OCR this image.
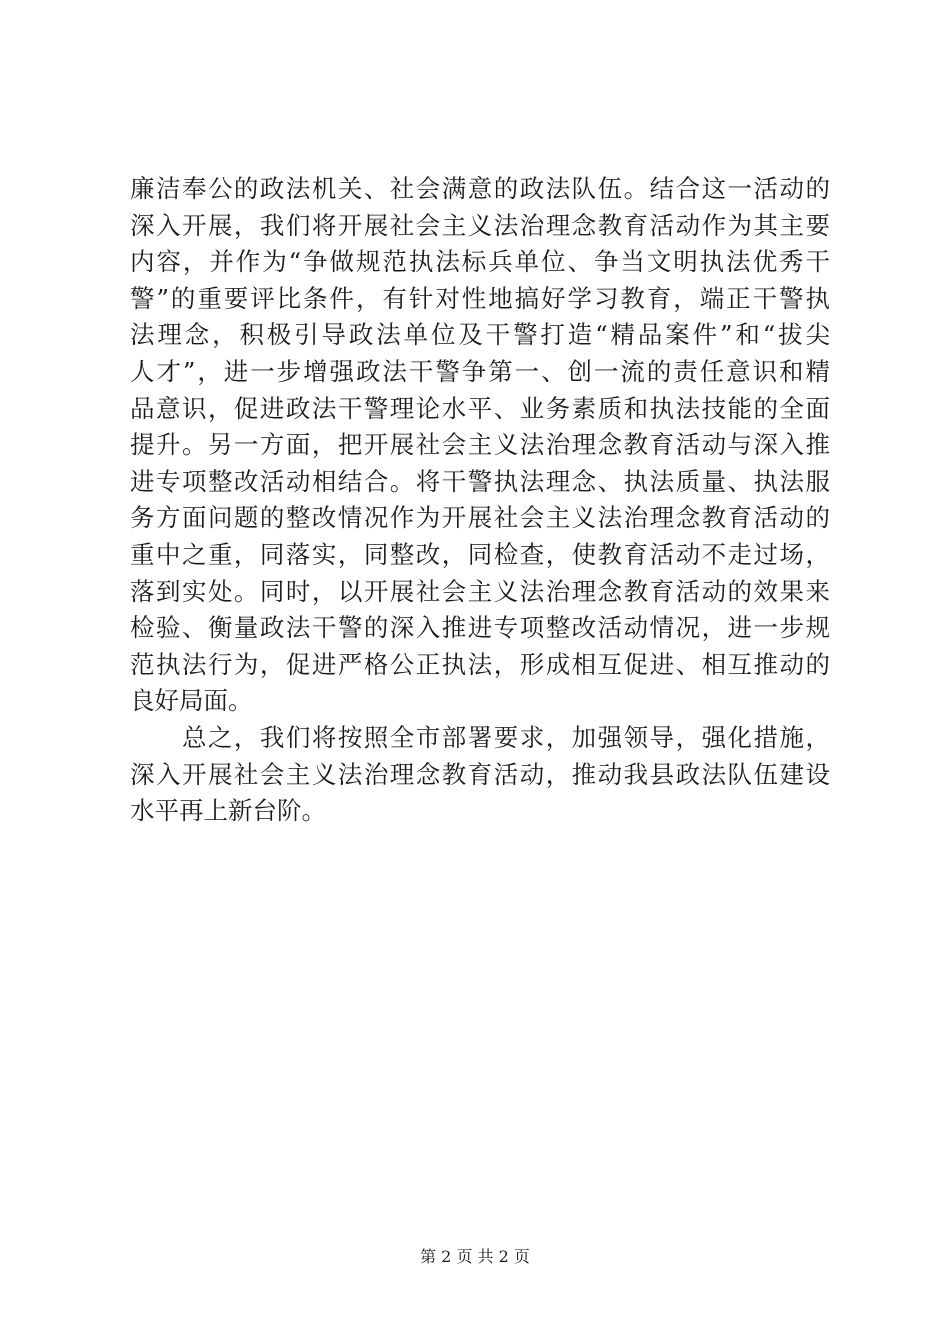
廉洁奉公的政法机关、社会满意的政法队伍。结合这一活动的
深入开展，我们将开展社会主义法治理念教育活动作为其主要
内容，并作为“争做规范执法标兵单位、争当文明执法优秀干
警”的重要评比条件，有针对性地搞好学习教育，端正干警执
法理念，积极引导政法单位及干警打造“精品案件”和“拔尖
人才”，进一步增强政法干警争第一、创一流的责任意识和精
品意识，促进政法干警理论水平、业务素质和执法技能的全面
提升。另一方面，把开展社会主义法治理念教育活动与深入推
进专项整改活动相结合。将干警执法理念、执法质量、执法服
务方面问题的整改情况作为开展社会主义法治理念教育活动的
重中之重，同落实，同整改，同检查，使教育活动不走过场，
落到实处。同时，以开展社会主义法治理念教育活动的效果来
检验、衡量政法干警的深入推进专项整改活动情况，进一步规
范执法行为，促进严格公正执法，形成相互促进、相互推动的
良好局面。
　　总之，我们将按照全市部署要求，加强领导，强化措施，
深入开展社会主义法治理念教育活动，推动我县政法队伍建设
水平再上新台阶。
第 2 页 共 2 页
